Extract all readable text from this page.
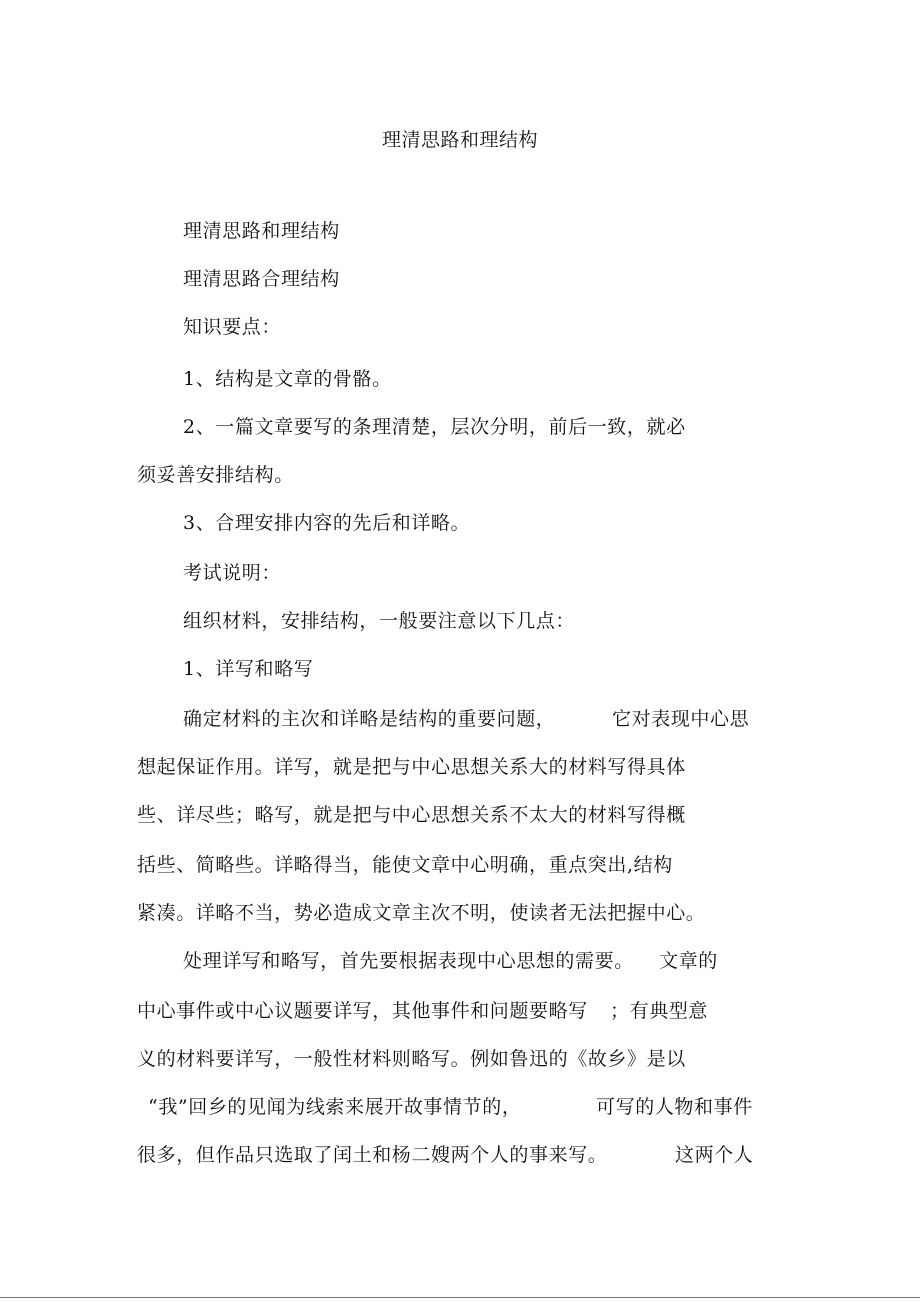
理清思路和理结构
理清思路和理结构
理清思路合理结构
知识要点：
1、结构是文章的骨骼。
2、一篇文章要写的条理清楚，层次分明，前后一致，就必
须妥善安排结构。
3、合理安排内容的先后和详略。
考试说明：
组织材料，安排结构，一般要注意以下几点：
1、详写和略写
确定材料的主次和详略是结构的重要问题，	它对表现中心思
想起保证作用。详写，就是把与中心思想关系大的材料写得具体
些、详尽些；略写，就是把与中心思想关系不太大的材料写得概
括些、简略些。详略得当，能使文章中心明确，重点突出,结构
紧凑。详略不当，势必造成文章主次不明，使读者无法把握中心。
处理详写和略写，首先要根据表现中心思想的需要。 文章的
中心事件或中心议题要详写，其他事件和问题要略写 ；有典型意
义的材料要详写，一般性材料则略写。例如鲁迅的《故乡》是以
“我”回乡的见闻为线索来展开故事情节的，	可写的人物和事件
很多，但作品只选取了闰土和杨二嫂两个人的事来写。	这两个人
